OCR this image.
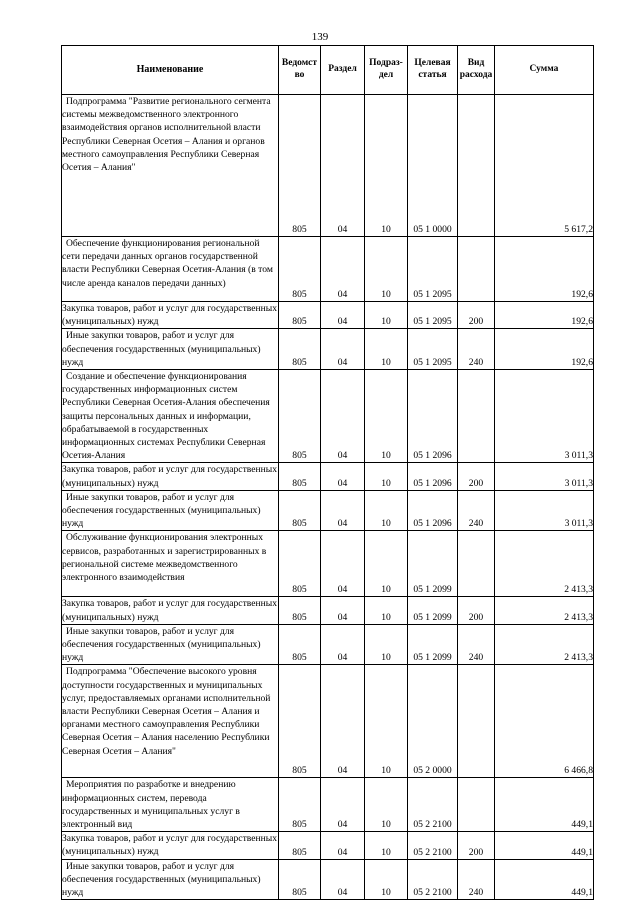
139
Наименование	Ведомст во	Раздел	Подраз- дел	Целевая статья	Вид расхода	Сумма
Подпрограмма "Развитие регионального сегмента системы межведомственного электронного взаимодействия органов исполнительной власти Республики Северная Осетия – Алания и органов местного самоуправления Республики Северная Осетия – Алания"	805	04	10	05 1 0000		5 617,2
Обеспечение функционирования региональной сети передачи данных органов государственной власти Республики Северная Осетия-Алания (в том числе аренда каналов передачи данных)	805	04	10	05 1 2095		192,6
Закупка товаров, работ и услуг для государственных (муниципальных) нужд	805	04	10	05 1 2095	200	192,6
Иные закупки товаров, работ и услуг для обеспечения государственных (муниципальных) нужд	805	04	10	05 1 2095	240	192,6
Создание и обеспечение функционирования государственных информационных систем Республики Северная Осетия-Алания обеспечения защиты персональных данных и информации, обрабатываемой в государственных информационных системах Республики Северная Осетия-Алания	805	04	10	05 1 2096		3 011,3
Закупка товаров, работ и услуг для государственных (муниципальных) нужд	805	04	10	05 1 2096	200	3 011,3
Иные закупки товаров, работ и услуг для обеспечения государственных (муниципальных) нужд	805	04	10	05 1 2096	240	3 011,3
Обслуживание функционирования электронных сервисов, разработанных и зарегистрированных в региональной системе межведомственного электронного взаимодействия	805	04	10	05 1 2099		2 413,3
Закупка товаров, работ и услуг для государственных (муниципальных) нужд	805	04	10	05 1 2099	200	2 413,3
Иные закупки товаров, работ и услуг для обеспечения государственных (муниципальных) нужд	805	04	10	05 1 2099	240	2 413,3
Подпрограмма "Обеспечение высокого уровня доступности государственных и муниципальных услуг, предоставляемых органами исполнительной власти Республики Северная Осетия – Алания и органами местного самоуправления Республики Северная Осетия – Алания населению Республики Северная Осетия – Алания"	805	04	10	05 2 0000		6 466,8
Мероприятия по разработке и внедрению информационных систем, перевода государственных и муниципальных услуг в электронный вид	805	04	10	05 2 2100		449,1
Закупка товаров, работ и услуг для государственных (муниципальных) нужд	805	04	10	05 2 2100	200	449,1
Иные закупки товаров, работ и услуг для обеспечения государственных (муниципальных) нужд	805	04	10	05 2 2100	240	449,1
